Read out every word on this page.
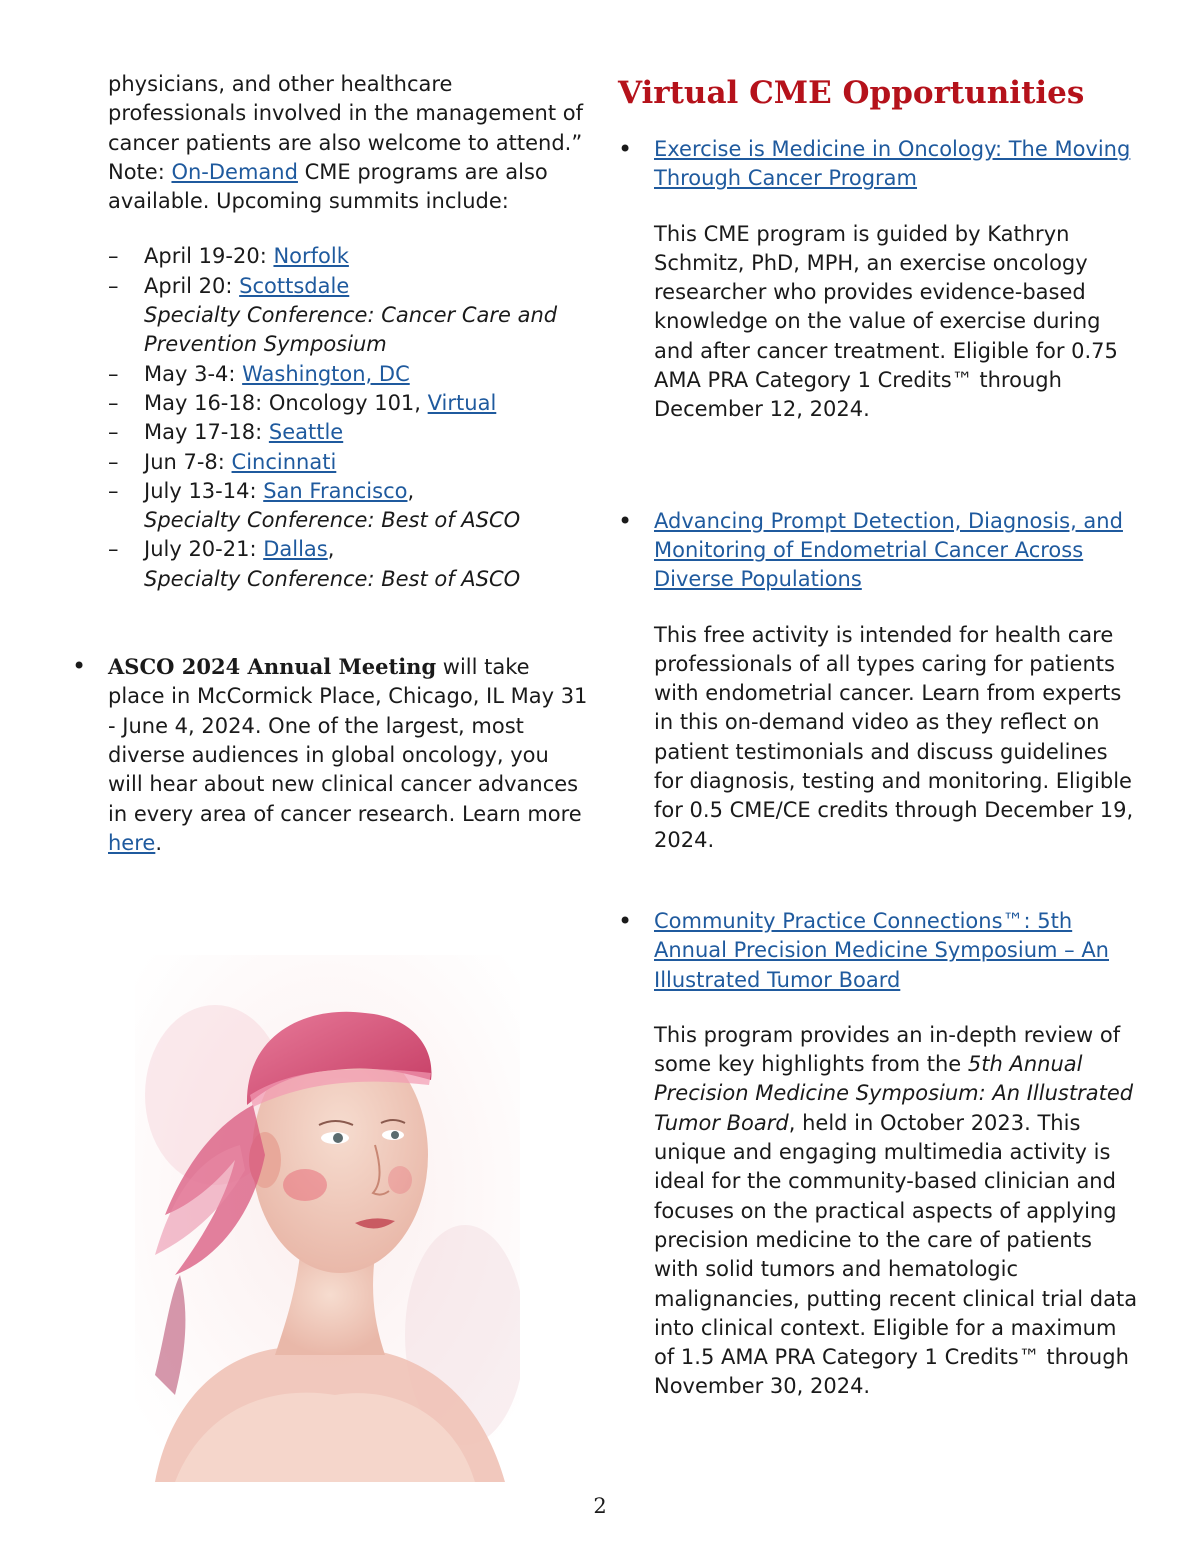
physicians, and other healthcare professionals involved in the management of cancer patients are also welcome to attend.” Note: On-Demand CME programs are also available. Upcoming summits include:

– April 19-20: Norfolk
– April 20: Scottsdale
Specialty Conference: Cancer Care and Prevention Symposium
– May 3-4: Washington, DC
– May 16-18: Oncology 101, Virtual
– May 17-18: Seattle
– Jun 7-8: Cincinnati
– July 13-14: San Francisco,
Specialty Conference: Best of ASCO
– July 20-21: Dallas,
Specialty Conference: Best of ASCO
• ASCO 2024 Annual Meeting will take place in McCormick Place, Chicago, IL May 31 - June 4, 2024. One of the largest, most diverse audiences in global oncology, you will hear about new clinical cancer advances in every area of cancer research. Learn more here.

Virtual CME Opportunities
• Exercise is Medicine in Oncology: The Moving Through Cancer Program

This CME program is guided by Kathryn Schmitz, PhD, MPH, an exercise oncology researcher who provides evidence-based knowledge on the value of exercise during and after cancer treatment. Eligible for 0.75 AMA PRA Category 1 Credits™ through December 12, 2024.

• Advancing Prompt Detection, Diagnosis, and Monitoring of Endometrial Cancer Across Diverse Populations

This free activity is intended for health care professionals of all types caring for patients with endometrial cancer. Learn from experts in this on-demand video as they reflect on patient testimonials and discuss guidelines for diagnosis, testing and monitoring. Eligible for 0.5 CME/CE credits through December 19, 2024.

• Community Practice Connections™: 5th Annual Precision Medicine Symposium – An Illustrated Tumor Board

This program provides an in-depth review of some key highlights from the 5th Annual Precision Medicine Symposium: An Illustrated Tumor Board, held in October 2023. This unique and engaging multimedia activity is ideal for the community-based clinician and focuses on the practical aspects of applying precision medicine to the care of patients with solid tumors and hematologic malignancies, putting recent clinical trial data into clinical context. Eligible for a maximum of 1.5 AMA PRA Category 1 Credits™ through November 30, 2024.

2
